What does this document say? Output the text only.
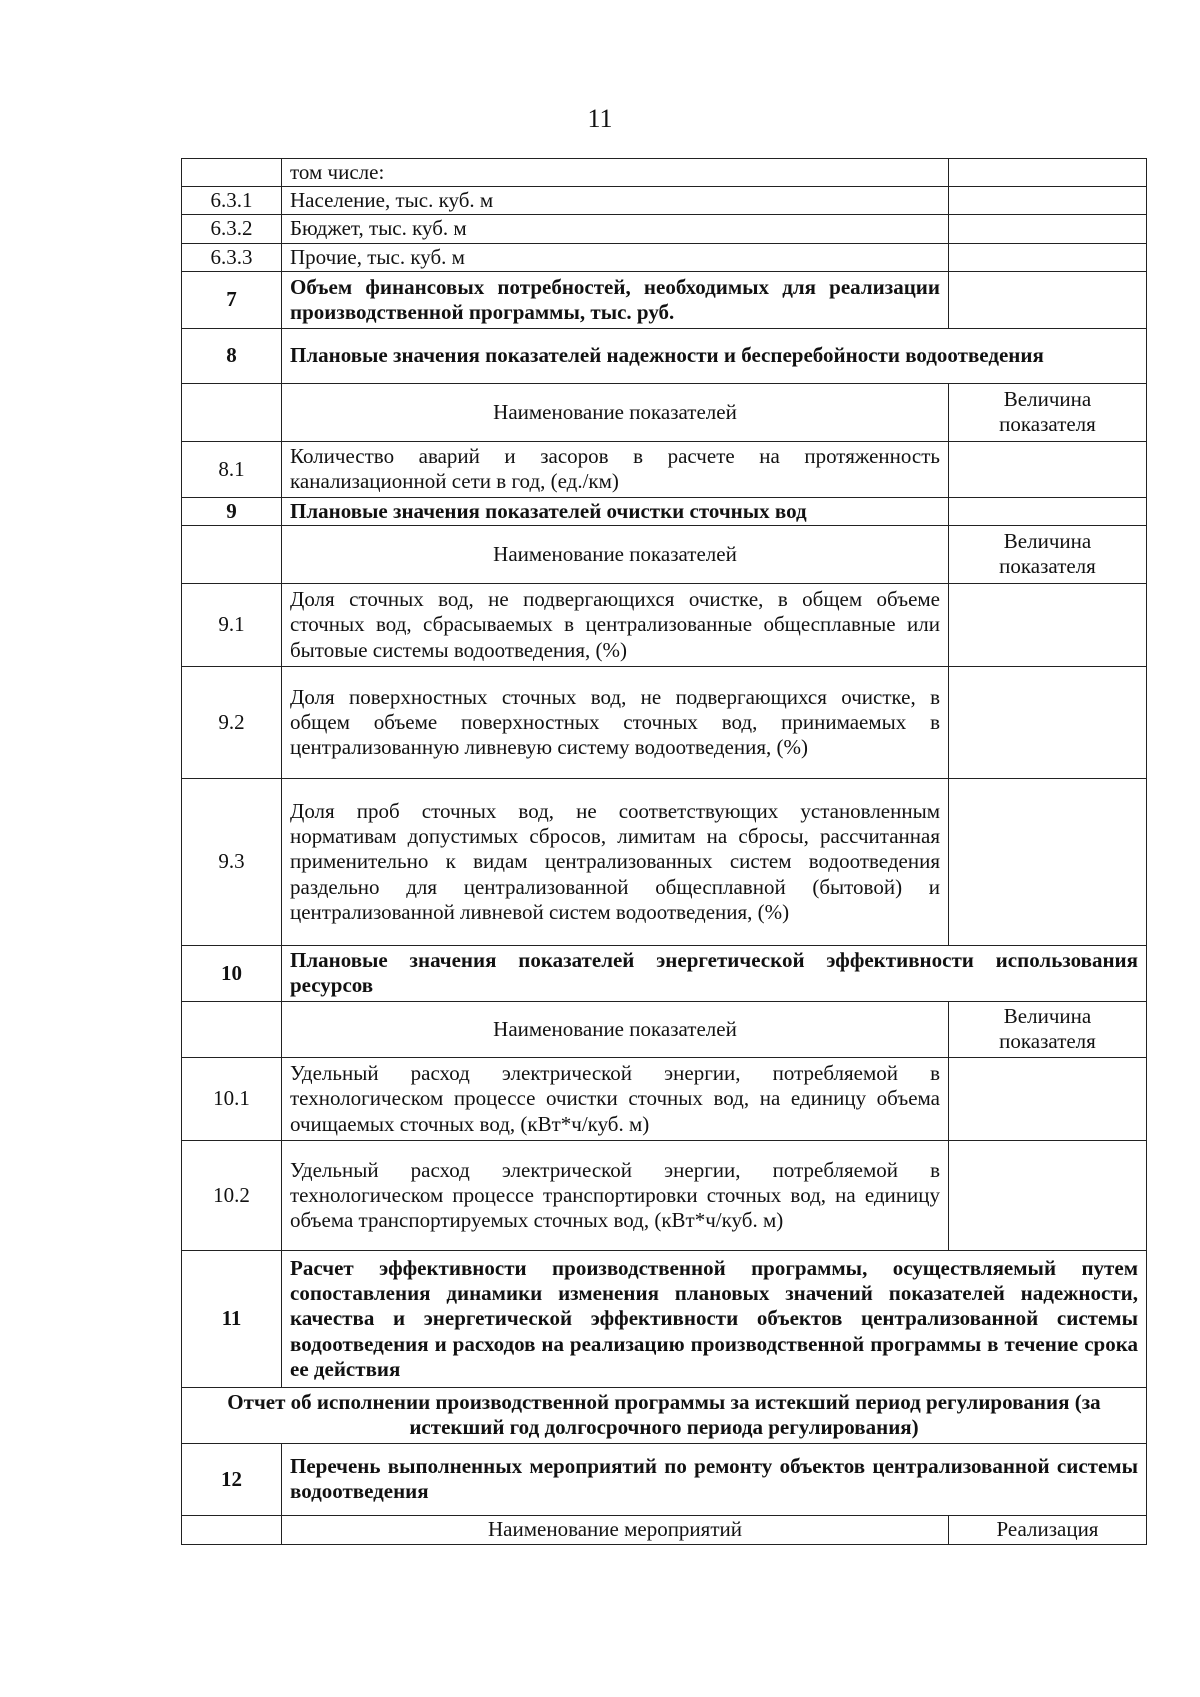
11
	том числе:	
6.3.1	Население, тыс. куб. м	
6.3.2	Бюджет, тыс. куб. м	
6.3.3	Прочие, тыс. куб. м	
7	Объем финансовых потребностей, необходимых для реализации производственной программы, тыс. руб.	
8	Плановые значения показателей надежности и бесперебойности водоотведения	
	Наименование показателей	Величина показателя
8.1	Количество аварий и засоров в расчете на протяженность канализационной сети в год, (ед./км)	
9	Плановые значения показателей очистки сточных вод	
	Наименование показателей	Величина показателя
9.1	Доля сточных вод, не подвергающихся очистке, в общем объеме сточных вод, сбрасываемых в централизованные общесплавные или бытовые системы водоотведения, (%)	
9.2	Доля поверхностных сточных вод, не подвергающихся очистке, в общем объеме поверхностных сточных вод, принимаемых в централизованную ливневую систему водоотведения, (%)	
9.3	Доля проб сточных вод, не соответствующих установленным нормативам допустимых сбросов, лимитам на сбросы, рассчитанная применительно к видам централизованных систем водоотведения раздельно для централизованной общесплавной (бытовой) и централизованной ливневой систем водоотведения, (%)	
10	Плановые значения показателей энергетической эффективности использования ресурсов	
	Наименование показателей	Величина показателя
10.1	Удельный расход электрической энергии, потребляемой в технологическом процессе очистки сточных вод, на единицу объема очищаемых сточных вод, (кВт*ч/куб. м)	
10.2	Удельный расход электрической энергии, потребляемой в технологическом процессе транспортировки сточных вод, на единицу объема транспортируемых сточных вод, (кВт*ч/куб. м)	
11	Расчет эффективности производственной программы, осуществляемый путем сопоставления динамики изменения плановых значений показателей надежности, качества и энергетической эффективности объектов централизованной системы водоотведения и расходов на реализацию производственной программы в течение срока ее действия	
Отчет об исполнении производственной программы за истекший период регулирования (за истекший год долгосрочного периода регулирования)		
12	Перечень выполненных мероприятий по ремонту объектов централизованной системы водоотведения	
	Наименование мероприятий	Реализация
